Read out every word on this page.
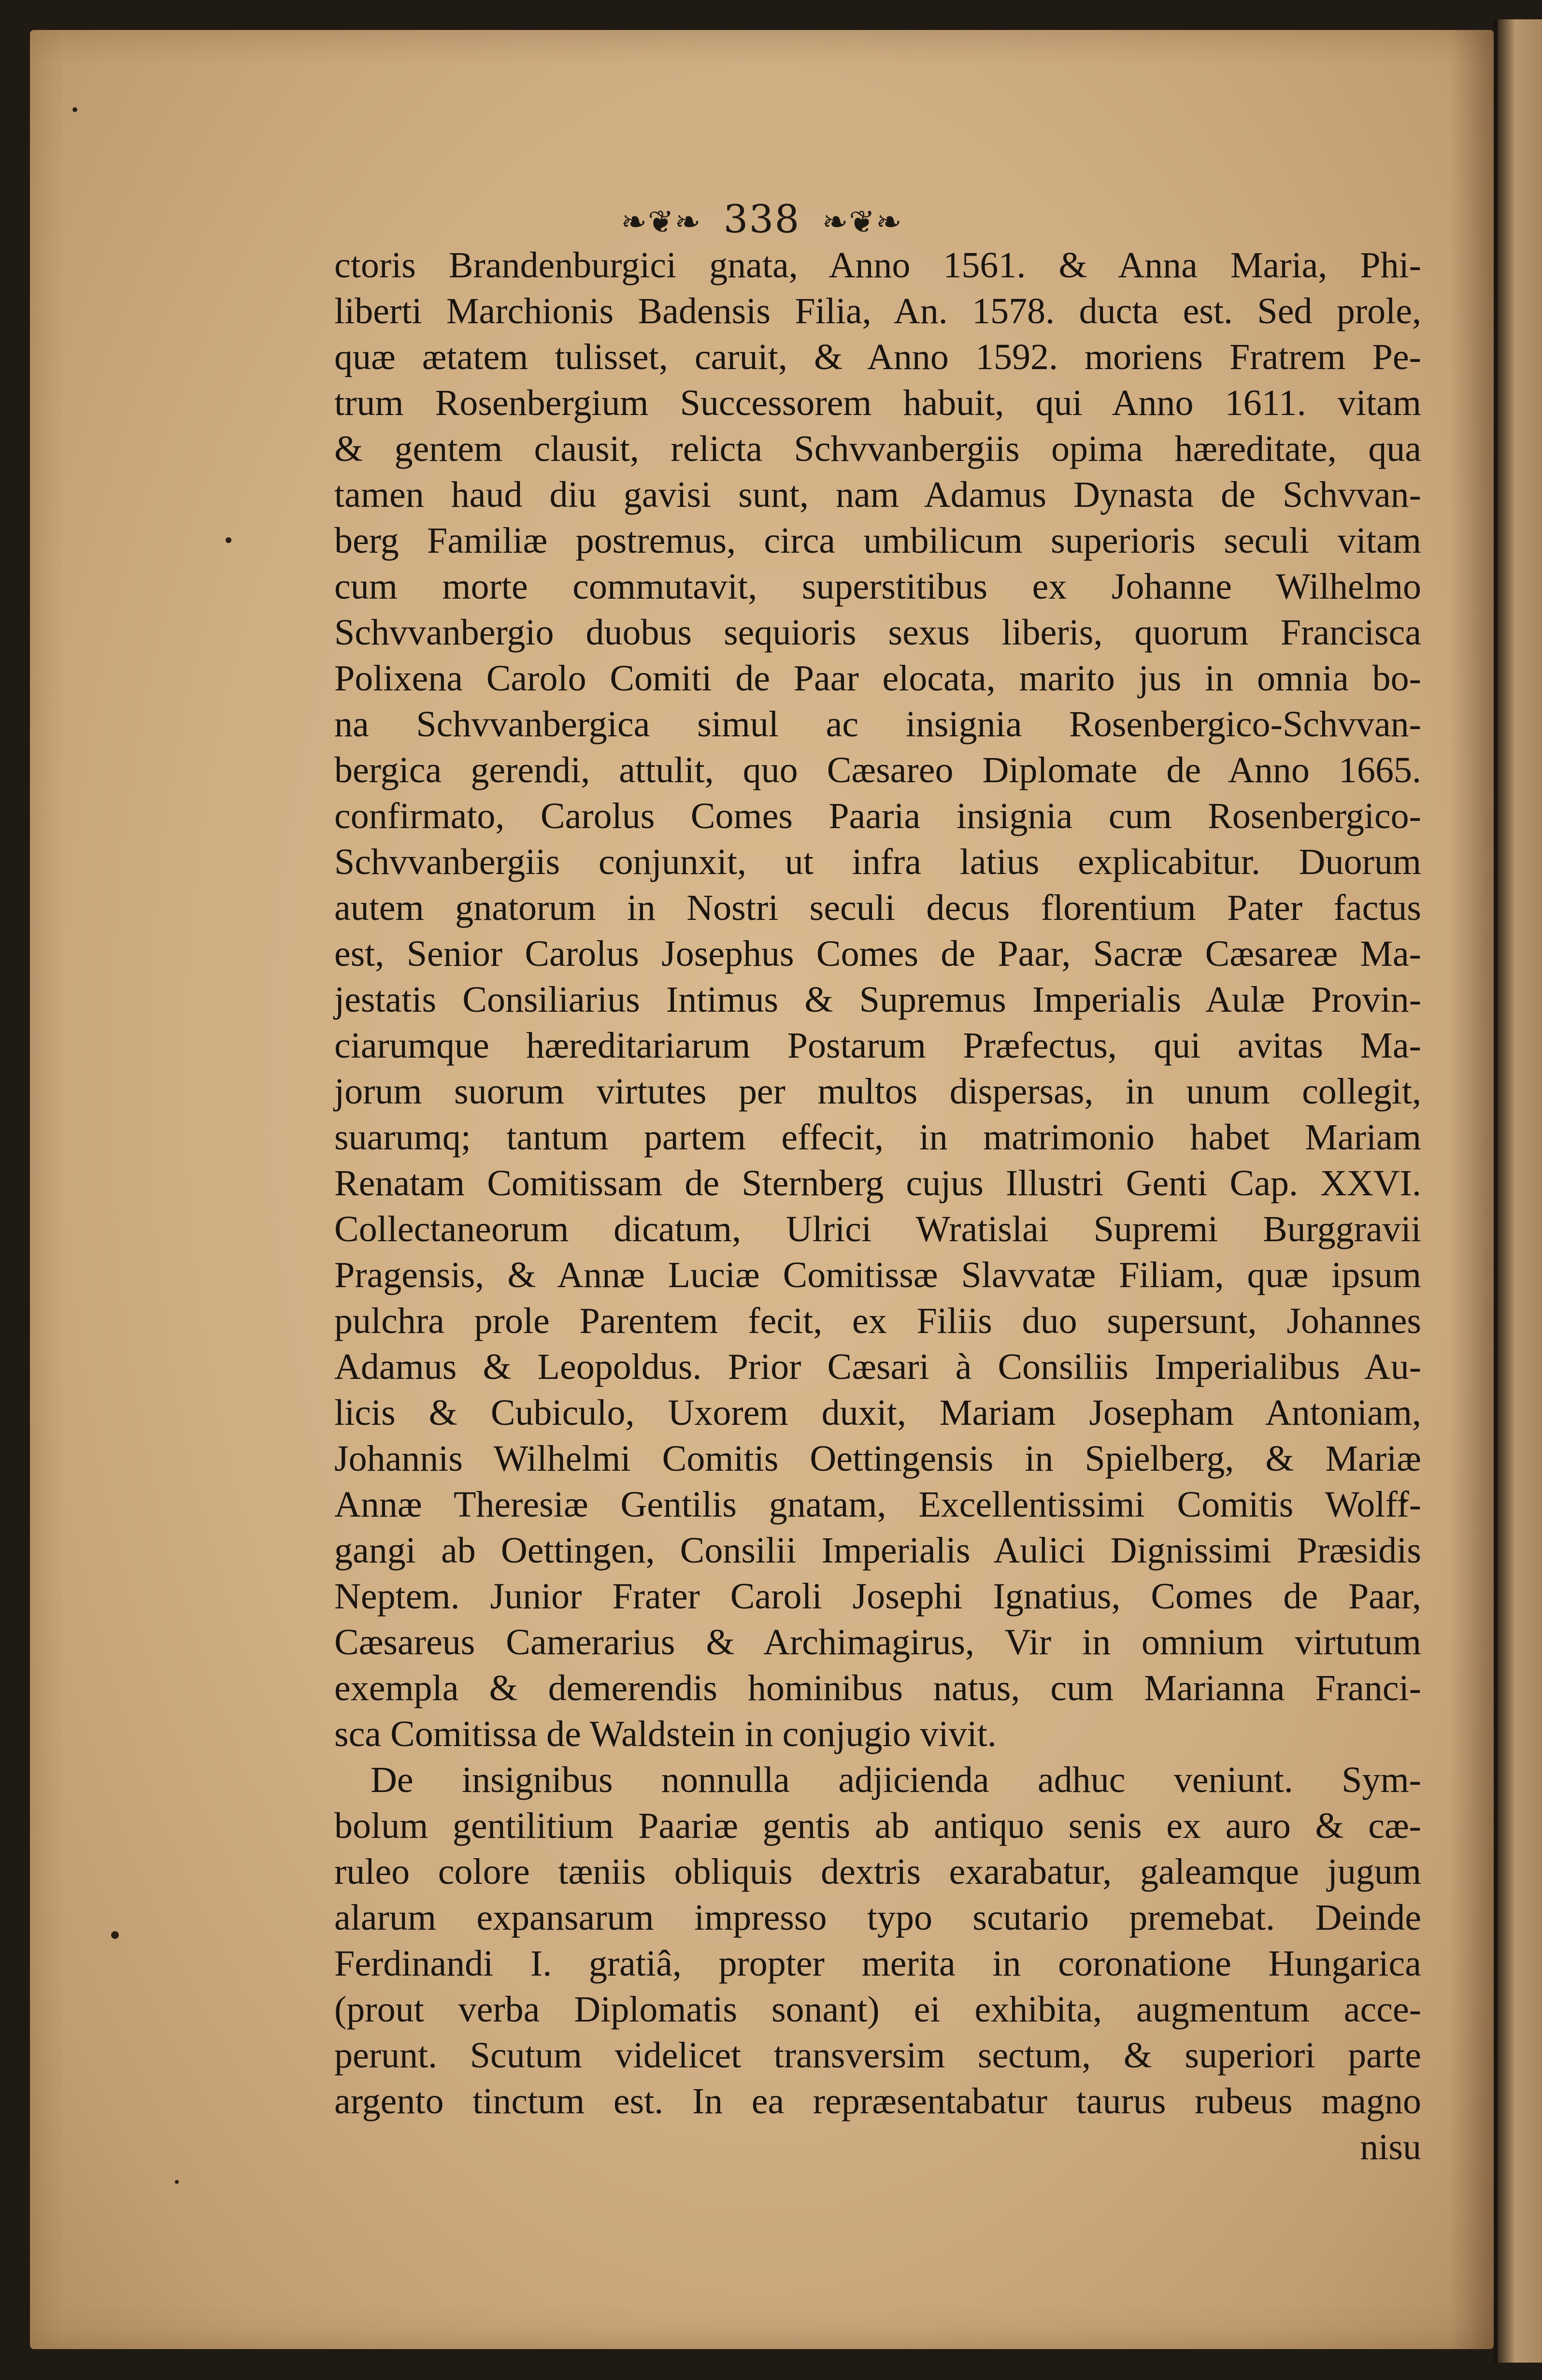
❧❦❧ 338 ❧❦❧
ctoris Brandenburgici gnata, Anno 1561. & Anna Maria, Phi-
liberti Marchionis Badensis Filia, An. 1578. ducta est. Sed prole,
quæ ætatem tulisset, caruit, & Anno 1592. moriens Fratrem Pe-
trum Rosenbergium Successorem habuit, qui Anno 1611. vitam
& gentem clausit, relicta Schvvanbergiis opima hæreditate, qua
tamen haud diu gavisi sunt, nam Adamus Dynasta de Schvvan-
berg Familiæ postremus, circa umbilicum superioris seculi vitam
cum morte commutavit, superstitibus ex Johanne Wilhelmo
Schvvanbergio duobus sequioris sexus liberis, quorum Francisca
Polixena Carolo Comiti de Paar elocata, marito jus in omnia bo-
na Schvvanbergica simul ac insignia Rosenbergico-Schvvan-
bergica gerendi, attulit, quo Cæsareo Diplomate de Anno 1665.
confirmato, Carolus Comes Paaria insignia cum Rosenbergico-
Schvvanbergiis conjunxit, ut infra latius explicabitur. Duorum
autem gnatorum in Nostri seculi decus florentium Pater factus
est, Senior Carolus Josephus Comes de Paar, Sacræ Cæsareæ Ma-
jestatis Consiliarius Intimus & Supremus Imperialis Aulæ Provin-
ciarumque hæreditariarum Postarum Præfectus, qui avitas Ma-
jorum suorum virtutes per multos dispersas, in unum collegit,
suarumq; tantum partem effecit, in matrimonio habet Mariam
Renatam Comitissam de Sternberg cujus Illustri Genti Cap. XXVI.
Collectaneorum dicatum, Ulrici Wratislai Supremi Burggravii
Pragensis, & Annæ Luciæ Comitissæ Slavvatæ Filiam, quæ ipsum
pulchra prole Parentem fecit, ex Filiis duo supersunt, Johannes
Adamus & Leopoldus. Prior Cæsari à Consiliis Imperialibus Au-
licis & Cubiculo, Uxorem duxit, Mariam Josepham Antoniam,
Johannis Wilhelmi Comitis Oettingensis in Spielberg, & Mariæ
Annæ Theresiæ Gentilis gnatam, Excellentissimi Comitis Wolff-
gangi ab Oettingen, Consilii Imperialis Aulici Dignissimi Præsidis
Neptem. Junior Frater Caroli Josephi Ignatius, Comes de Paar,
Cæsareus Camerarius & Archimagirus, Vir in omnium virtutum
exempla & demerendis hominibus natus, cum Marianna Franci-
sca Comitissa de Waldstein in conjugio vivit.
De insignibus nonnulla adjicienda adhuc veniunt. Sym-
bolum gentilitium Paariæ gentis ab antiquo senis ex auro & cæ-
ruleo colore tæniis obliquis dextris exarabatur, galeamque jugum
alarum expansarum impresso typo scutario premebat. Deinde
Ferdinandi I. gratiâ, propter merita in coronatione Hungarica
(prout verba Diplomatis sonant) ei exhibita, augmentum acce-
perunt. Scutum videlicet transversim sectum, & superiori parte
argento tinctum est. In ea repræsentabatur taurus rubeus magno
nisu
